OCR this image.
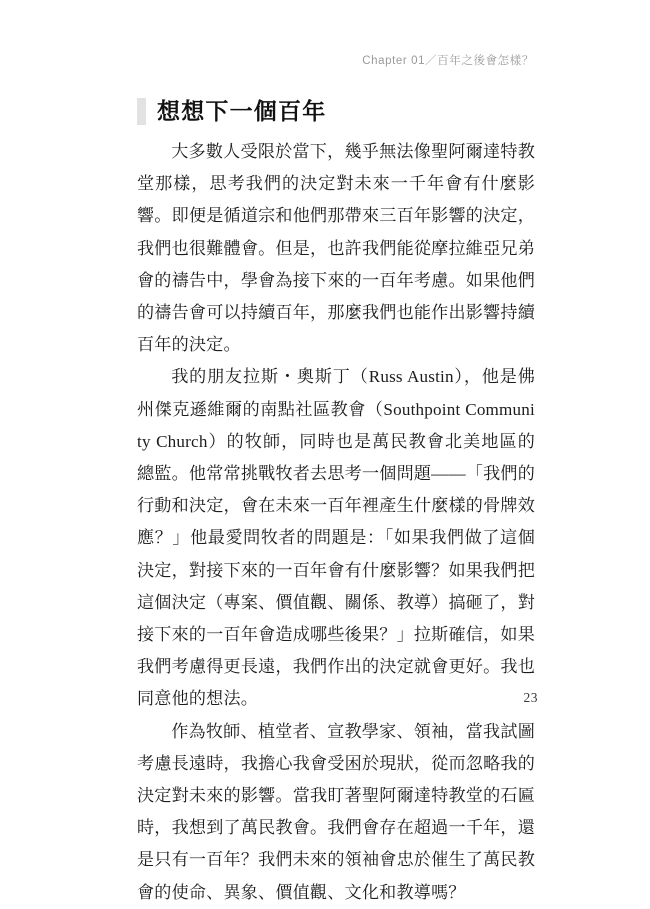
Chapter 01／百年之後會怎樣？
想想下一個百年

大多數人受限於當下，幾乎無法像聖阿爾達特教堂那樣，思考我們的決定對未來一千年會有什麼影響。即便是循道宗和他們那帶來三百年影響的決定，我們也很難體會。但是，也許我們能從摩拉維亞兄弟會的禱告中，學會為接下來的一百年考慮。如果他們的禱告會可以持續百年，那麼我們也能作出影響持續百年的決定。

我的朋友拉斯・奧斯丁（Russ Austin），他是佛州傑克遜維爾的南點社區教會（Southpoint Community Church）的牧師，同時也是萬民教會北美地區的總監。他常常挑戰牧者去思考一個問題——「我們的行動和決定，會在未來一百年裡產生什麼樣的骨牌效應？」他最愛問牧者的問題是：「如果我們做了這個決定，對接下來的一百年會有什麼影響？如果我們把這個決定（專案、價值觀、關係、教導）搞砸了，對接下來的一百年會造成哪些後果？」拉斯確信，如果我們考慮得更長遠，我們作出的決定就會更好。我也同意他的想法。

作為牧師、植堂者、宣教學家、領袖，當我試圖考慮長遠時，我擔心我會受困於現狀，從而忽略我的決定對未來的影響。當我盯著聖阿爾達特教堂的石匾時，我想到了萬民教會。我們會存在超過一千年，還是只有一百年？我們未來的領袖會忠於催生了萬民教會的使命、異象、價值觀、文化和教導嗎？

23
